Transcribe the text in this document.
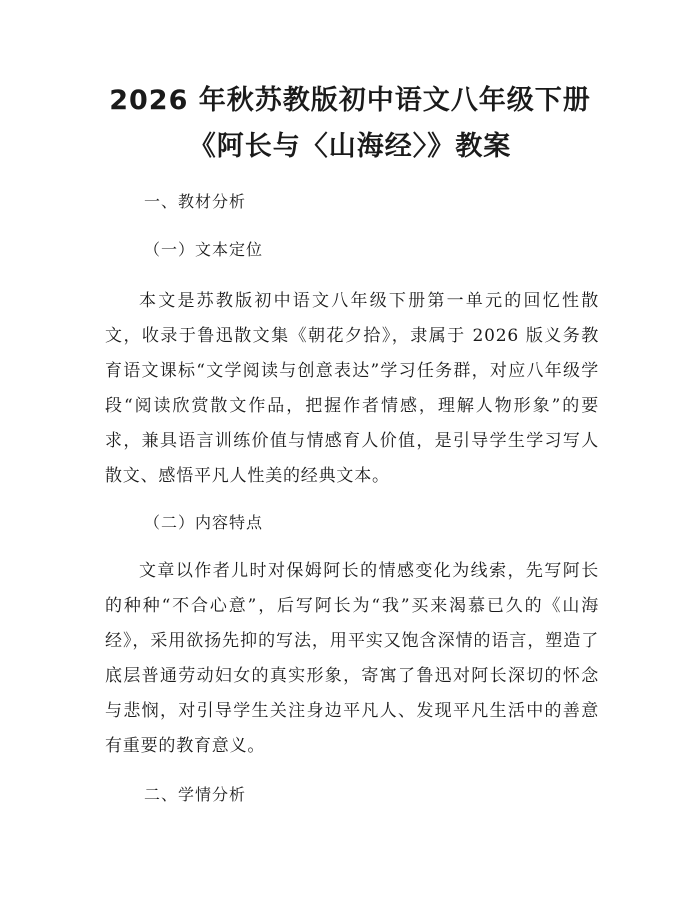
2026 年秋苏教版初中语文八年级下册《阿长与〈山海经〉》教案

一、教材分析

（一）文本定位

本文是苏教版初中语文八年级下册第一单元的回忆性散文，收录于鲁迅散文集《朝花夕拾》，隶属于 2026 版义务教育语文课标“文学阅读与创意表达”学习任务群，对应八年级学段“阅读欣赏散文作品，把握作者情感，理解人物形象”的要求，兼具语言训练价值与情感育人价值，是引导学生学习写人散文、感悟平凡人性美的经典文本。

（二）内容特点

文章以作者儿时对保姆阿长的情感变化为线索，先写阿长的种种“不合心意”，后写阿长为“我”买来渴慕已久的《山海经》，采用欲扬先抑的写法，用平实又饱含深情的语言，塑造了底层普通劳动妇女的真实形象，寄寓了鲁迅对阿长深切的怀念与悲悯，对引导学生关注身边平凡人、发现平凡生活中的善意有重要的教育意义。

二、学情分析
